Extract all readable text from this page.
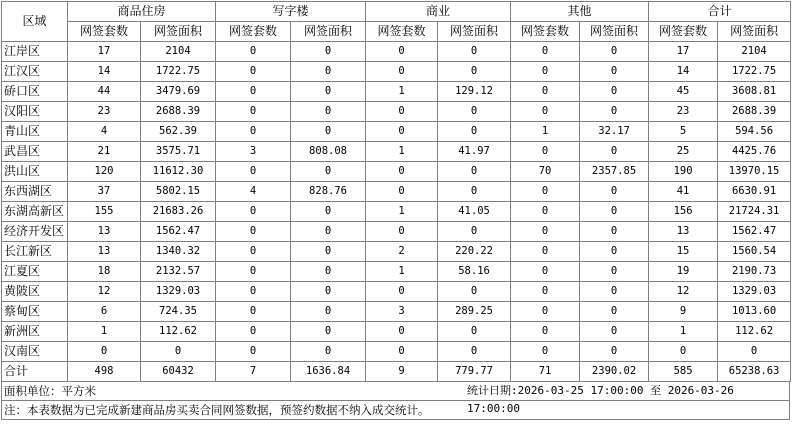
区域	商品住房		写字楼		商业		其他		合计	
	网签套数	网签面积	网签套数	网签面积	网签套数	网签面积	网签套数	网签面积	网签套数	网签面积
江岸区	17	2104	0	0	0	0	0	0	17	2104
江汉区	14	1722.75	0	0	0	0	0	0	14	1722.75
硚口区	44	3479.69	0	0	1	129.12	0	0	45	3608.81
汉阳区	23	2688.39	0	0	0	0	0	0	23	2688.39
青山区	4	562.39	0	0	0	0	1	32.17	5	594.56
武昌区	21	3575.71	3	808.08	1	41.97	0	0	25	4425.76
洪山区	120	11612.30	0	0	0	0	70	2357.85	190	13970.15
东西湖区	37	5802.15	4	828.76	0	0	0	0	41	6630.91
东湖高新区	155	21683.26	0	0	1	41.05	0	0	156	21724.31
经济开发区	13	1562.47	0	0	0	0	0	0	13	1562.47
长江新区	13	1340.32	0	0	2	220.22	0	0	15	1560.54
江夏区	18	2132.57	0	0	1	58.16	0	0	19	2190.73
黄陂区	12	1329.03	0	0	0	0	0	0	12	1329.03
蔡甸区	6	724.35	0	0	3	289.25	0	0	9	1013.60
新洲区	1	112.62	0	0	0	0	0	0	1	112.62
汉南区	0	0	0	0	0	0	0	0	0	0
合计	498	60432	7	1636.84	9	779.77	71	2390.02	585	65238.63
面积单位：平方米	统计日期:2026-03-25 17:00:00 至 2026-03-26 17:00:00
注：本表数据为已完成新建商品房买卖合同网签数据，预签约数据不纳入成交统计。
